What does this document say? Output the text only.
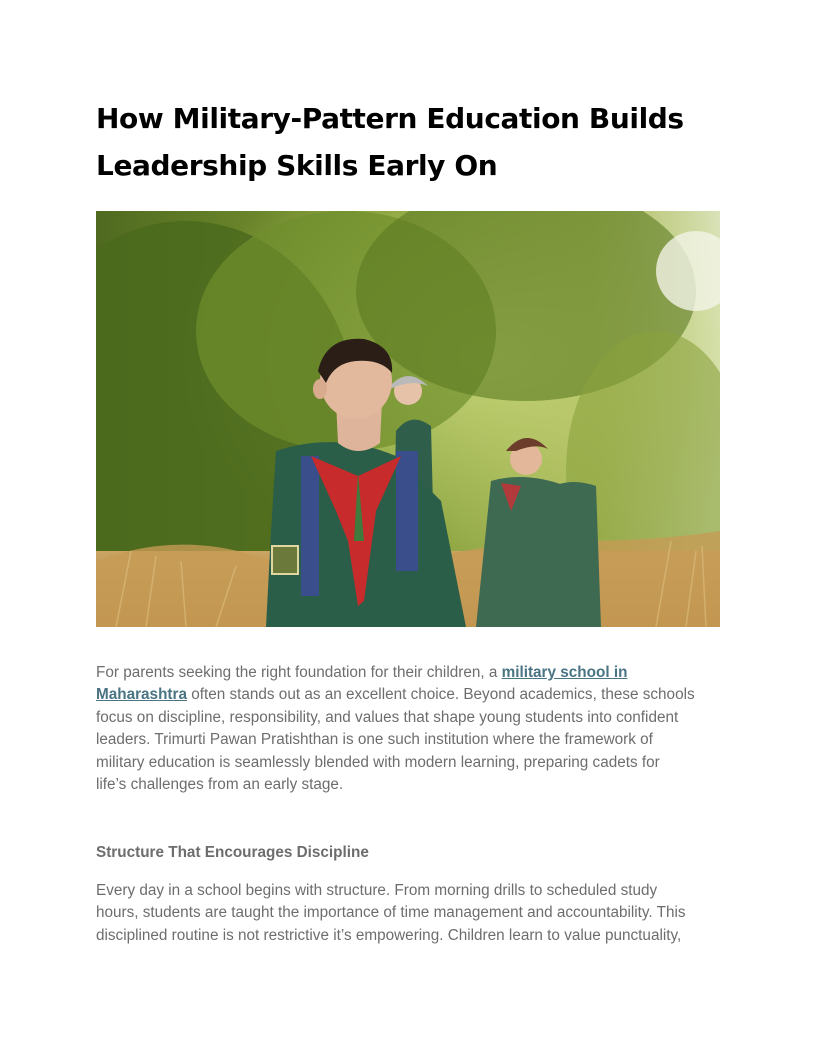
How Military-Pattern Education Builds
Leadership Skills Early On

For parents seeking the right foundation for their children, a military school in
Maharashtra often stands out as an excellent choice. Beyond academics, these schools
focus on discipline, responsibility, and values that shape young students into confident
leaders. Trimurti Pawan Pratishthan is one such institution where the framework of
military education is seamlessly blended with modern learning, preparing cadets for
life’s challenges from an early stage.

Structure That Encourages Discipline

Every day in a school begins with structure. From morning drills to scheduled study
hours, students are taught the importance of time management and accountability. This
disciplined routine is not restrictive it’s empowering. Children learn to value punctuality,
